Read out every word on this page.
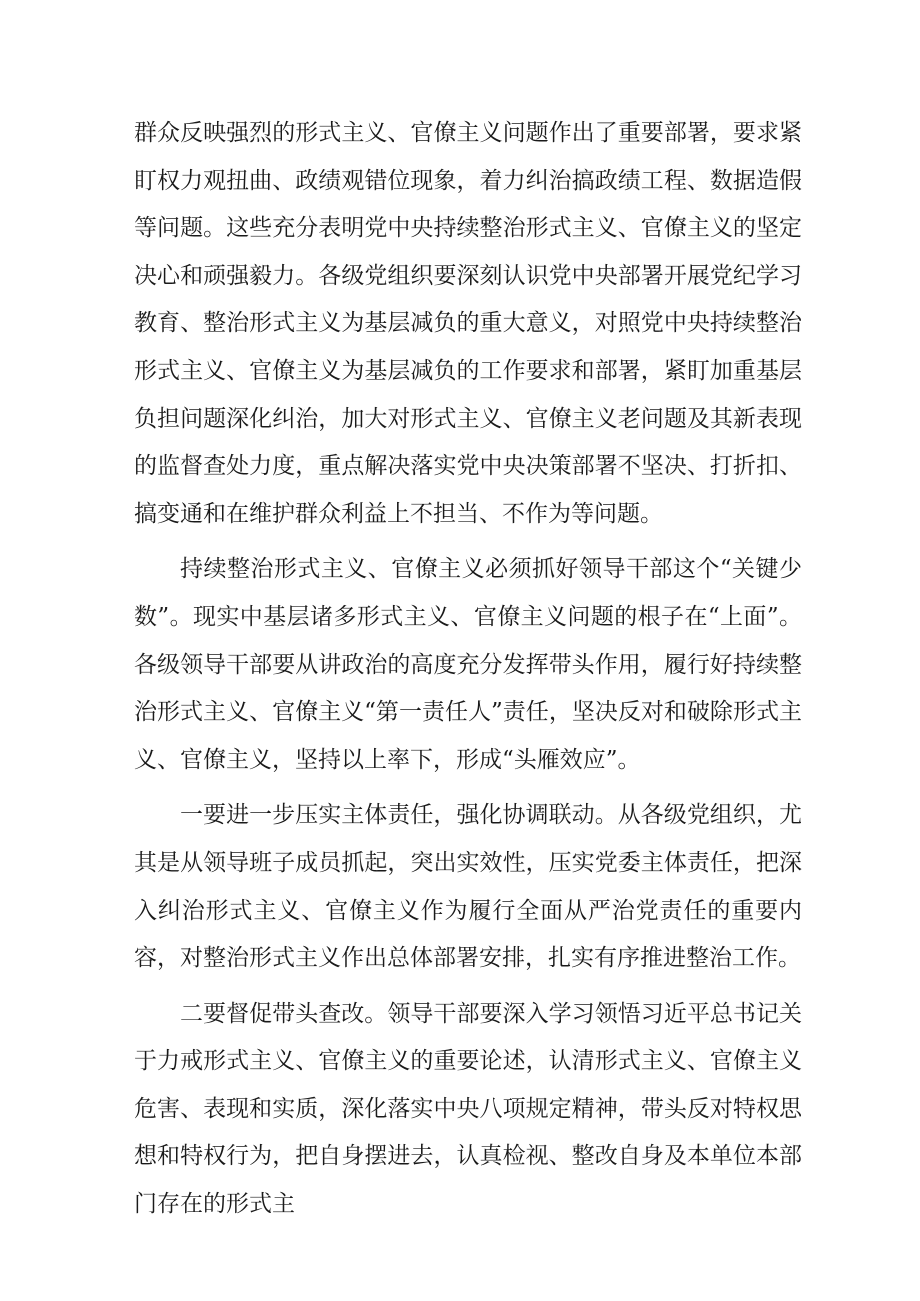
群众反映强烈的形式主义、官僚主义问题作出了重要部署，要求紧盯权力观扭曲、政绩观错位现象，着力纠治搞政绩工程、数据造假等问题。这些充分表明党中央持续整治形式主义、官僚主义的坚定决心和顽强毅力。各级党组织要深刻认识党中央部署开展党纪学习教育、整治形式主义为基层减负的重大意义，对照党中央持续整治形式主义、官僚主义为基层减负的工作要求和部署，紧盯加重基层负担问题深化纠治，加大对形式主义、官僚主义老问题及其新表现的监督查处力度，重点解决落实党中央决策部署不坚决、打折扣、搞变通和在维护群众利益上不担当、不作为等问题。

持续整治形式主义、官僚主义必须抓好领导干部这个“关键少数”。现实中基层诸多形式主义、官僚主义问题的根子在“上面”。各级领导干部要从讲政治的高度充分发挥带头作用，履行好持续整治形式主义、官僚主义“第一责任人”责任，坚决反对和破除形式主义、官僚主义，坚持以上率下，形成“头雁效应”。

一要进一步压实主体责任，强化协调联动。从各级党组织，尤其是从领导班子成员抓起，突出实效性，压实党委主体责任，把深入纠治形式主义、官僚主义作为履行全面从严治党责任的重要内容，对整治形式主义作出总体部署安排，扎实有序推进整治工作。

二要督促带头查改。领导干部要深入学习领悟习近平总书记关于力戒形式主义、官僚主义的重要论述，认清形式主义、官僚主义危害、表现和实质，深化落实中央八项规定精神，带头反对特权思想和特权行为，把自身摆进去，认真检视、整改自身及本单位本部门存在的形式主
